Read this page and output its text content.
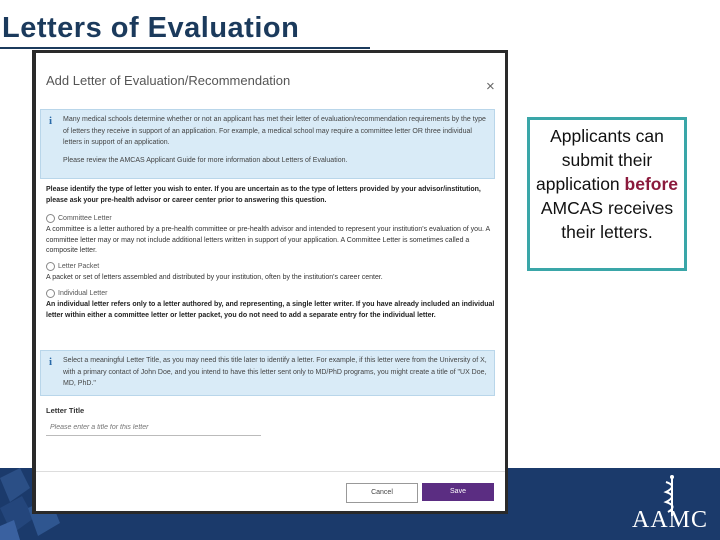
Letters of Evaluation
AAMC
Applicants can submit their application before AMCAS receives their letters.
Add Letter of Evaluation/Recommendation	×
i Many medical schools determine whether or not an applicant has met their letter of evaluation/recommendation requirements by the type of letters they receive in support of an application. For example, a medical school may require a committee letter OR three individual letters in support of an application.

Please review the AMCAS Applicant Guide for more information about Letters of Evaluation.

Please identify the type of letter you wish to enter. If you are uncertain as to the type of letters provided by your advisor/institution, please ask your pre-health advisor or career center prior to answering this question.
Committee Letter
A committee is a letter authored by a pre-health committee or pre-health advisor and intended to represent your institution's evaluation of you. A committee letter may or may not include additional letters written in support of your application. A Committee Letter is sometimes called a composite letter.
Letter Packet
A packet or set of letters assembled and distributed by your institution, often by the institution's career center.
Individual Letter
An individual letter refers only to a letter authored by, and representing, a single letter writer. If you have already included an individual letter within either a committee letter or letter packet, you do not need to add a separate entry for the individual letter.
i Select a meaningful Letter Title, as you may need this title later to identify a letter. For example, if this letter were from the University of X, with a primary contact of John Doe, and you intend to have this letter sent only to MD/PhD programs, you might create a title of "UX Doe, MD, PhD."

Letter Title
Please enter a title for this letter
Cancel	Save
